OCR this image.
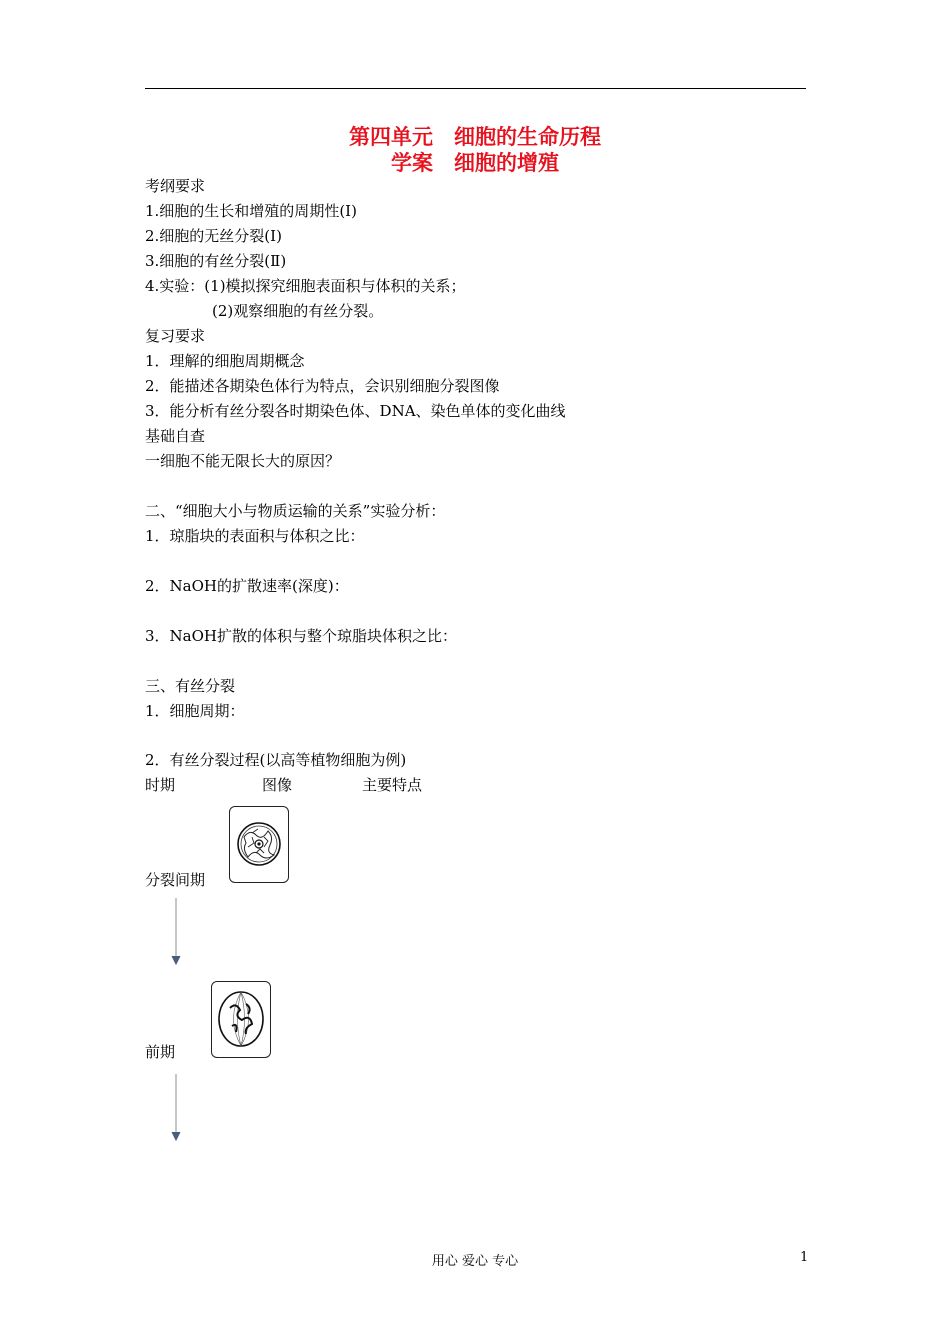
第四单元　细胞的生命历程
学案　细胞的增殖
考纲要求
1.细胞的生长和增殖的周期性(Ⅰ)
2.细胞的无丝分裂(Ⅰ)
3.细胞的有丝分裂(Ⅱ)
4.实验：(1)模拟探究细胞表面积与体积的关系；
(2)观察细胞的有丝分裂。
复习要求
1．理解的细胞周期概念
2．能描述各期染色体行为特点，会识别细胞分裂图像
3．能分析有丝分裂各时期染色体、DNA、染色单体的变化曲线
基础自查
一细胞不能无限长大的原因？
二、“细胞大小与物质运输的关系”实验分析：
1．琼脂块的表面积与体积之比：
2．NaOH的扩散速率(深度)：
3．NaOH扩散的体积与整个琼脂块体积之比：
三、有丝分裂
1．细胞周期：
2．有丝分裂过程(以高等植物细胞为例)
时期	图像	主要特点
分裂间期
前期
用心 爱心 专心	1
